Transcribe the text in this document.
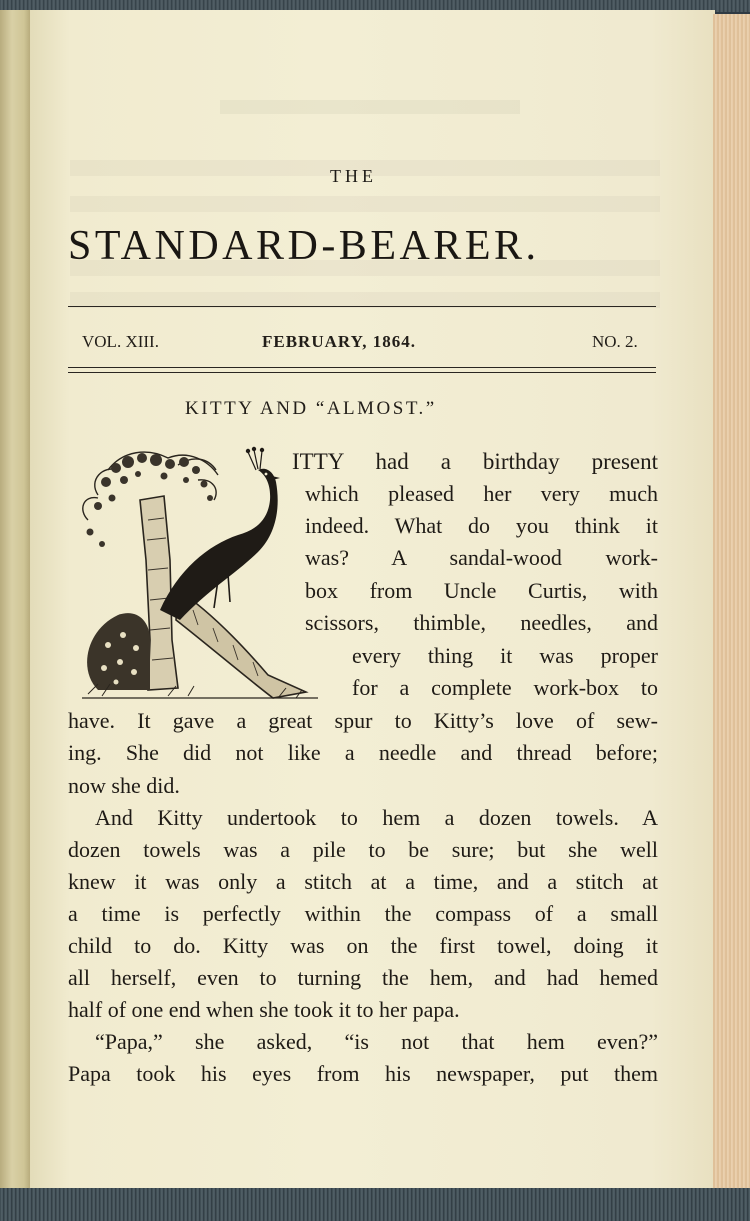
THE
STANDARD-BEARER.
VOL. XIII.	FEBRUARY, 1864.	NO. 2.
KITTY AND “ALMOST.”
ITTY had a birthday present
which pleased her very much
indeed. What do you think it
was? A sandal-wood work-
box from Uncle Curtis, with
scissors, thimble, needles, and
every thing it was proper
for a complete work-box to
have. It gave a great spur to Kitty’s love of sew-
ing. She did not like a needle and thread before;
now she did.
And Kitty undertook to hem a dozen towels. A
dozen towels was a pile to be sure; but she well
knew it was only a stitch at a time, and a stitch at
a time is perfectly within the compass of a small
child to do. Kitty was on the first towel, doing it
all herself, even to turning the hem, and had hemed
half of one end when she took it to her papa.
“Papa,” she asked, “is not that hem even?”
Papa took his eyes from his newspaper, put them
